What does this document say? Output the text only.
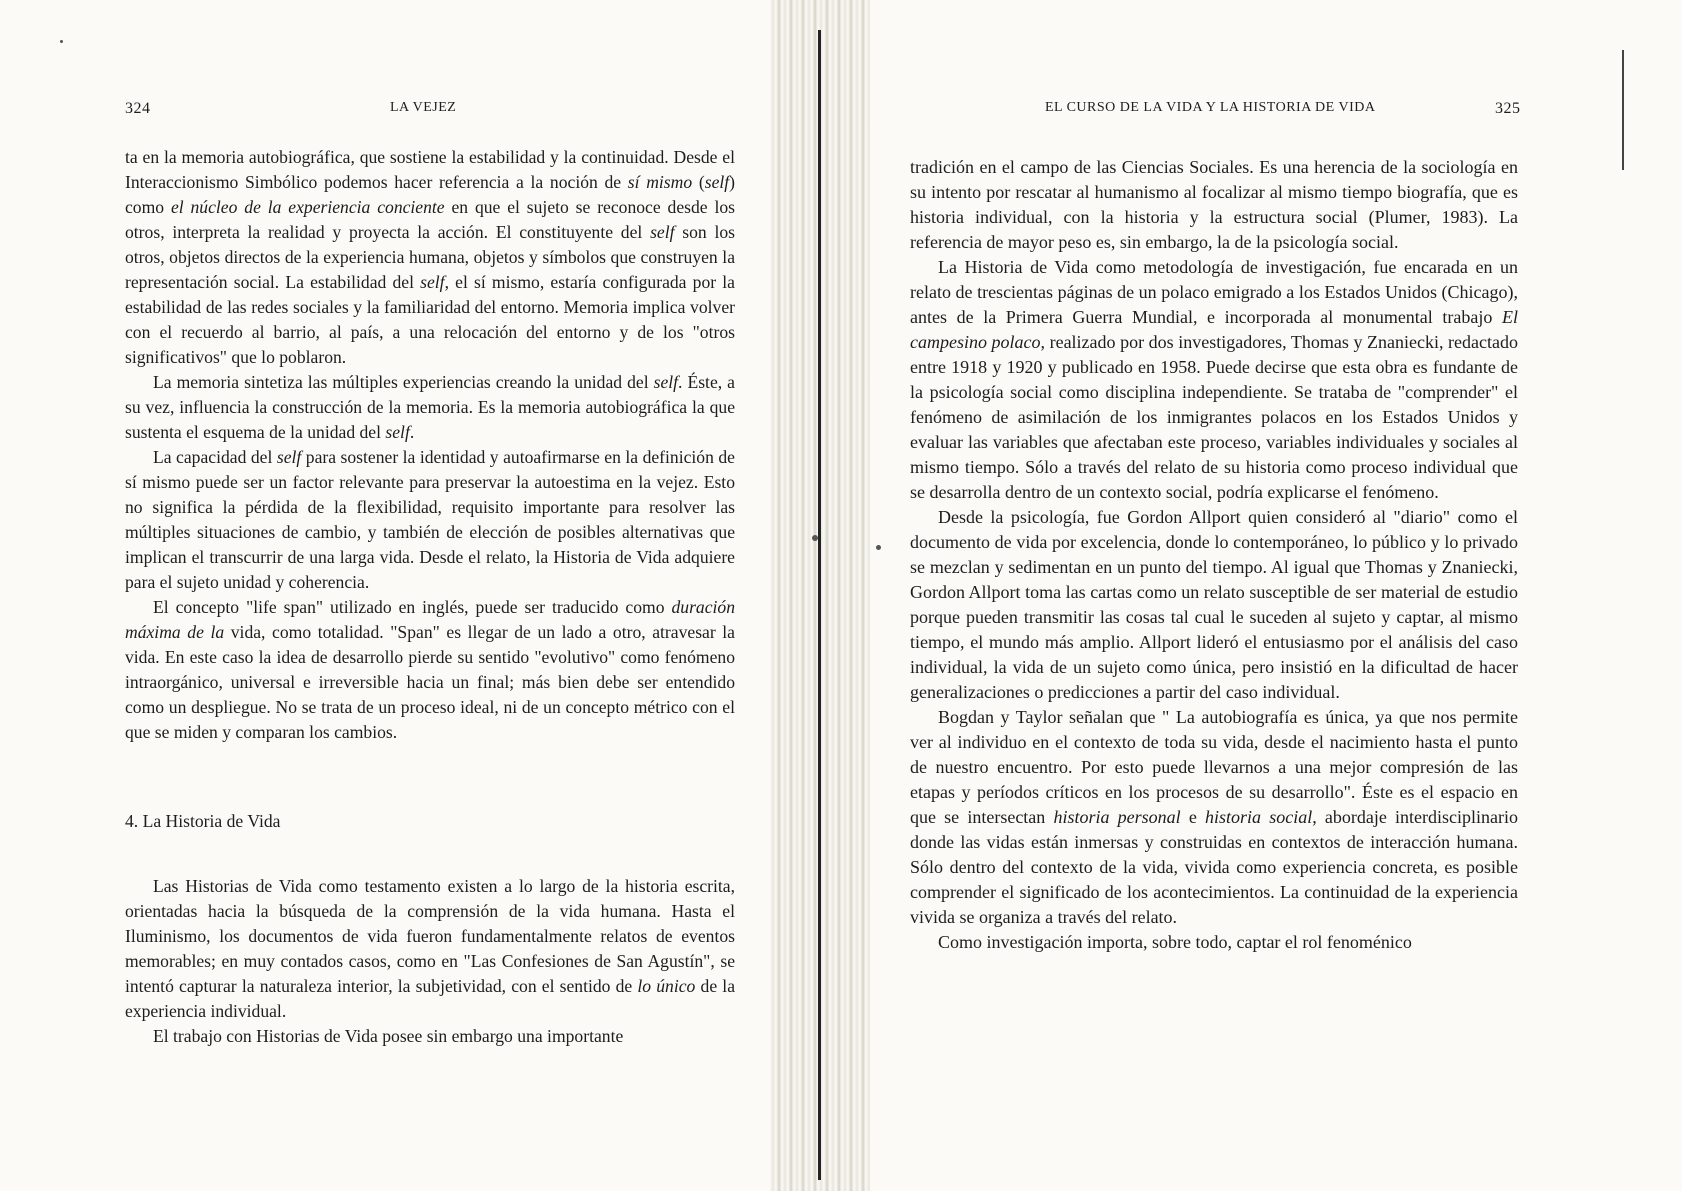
324	LA VEJEZ	EL CURSO DE LA VIDA Y LA HISTORIA DE VIDA	325

ta en la memoria autobiográfica, que sostiene la estabilidad y la continuidad. Desde el Interaccionismo Simbólico podemos hacer referencia a la noción de sí mismo (self) como el núcleo de la experiencia conciente en que el sujeto se reconoce desde los otros, interpreta la realidad y proyecta la acción. El constituyente del self son los otros, objetos directos de la experiencia humana, objetos y símbolos que construyen la representación social. La estabilidad del self, el sí mismo, estaría configurada por la estabilidad de las redes sociales y la familiaridad del entorno. Memoria implica volver con el recuerdo al barrio, al país, a una relocación del entorno y de los "otros significativos" que lo poblaron.

La memoria sintetiza las múltiples experiencias creando la unidad del self. Éste, a su vez, influencia la construcción de la memoria. Es la memoria autobiográfica la que sustenta el esquema de la unidad del self.

La capacidad del self para sostener la identidad y autoafirmarse en la definición de sí mismo puede ser un factor relevante para preservar la autoestima en la vejez. Esto no significa la pérdida de la flexibilidad, requisito importante para resolver las múltiples situaciones de cambio, y también de elección de posibles alternativas que implican el transcurrir de una larga vida. Desde el relato, la Historia de Vida adquiere para el sujeto unidad y coherencia.

El concepto "life span" utilizado en inglés, puede ser traducido como duración máxima de la vida, como totalidad. "Span" es llegar de un lado a otro, atravesar la vida. En este caso la idea de desarrollo pierde su sentido "evolutivo" como fenómeno intraorgánico, universal e irreversible hacia un final; más bien debe ser entendido como un despliegue. No se trata de un proceso ideal, ni de un concepto métrico con el que se miden y comparan los cambios.

4. La Historia de Vida

Las Historias de Vida como testamento existen a lo largo de la historia escrita, orientadas hacia la búsqueda de la comprensión de la vida humana. Hasta el Iluminismo, los documentos de vida fueron fundamentalmente relatos de eventos memorables; en muy contados casos, como en "Las Confesiones de San Agustín", se intentó capturar la naturaleza interior, la subjetividad, con el sentido de lo único de la experiencia individual.

El trabajo con Historias de Vida posee sin embargo una importante

tradición en el campo de las Ciencias Sociales. Es una herencia de la sociología en su intento por rescatar al humanismo al focalizar al mismo tiempo biografía, que es historia individual, con la historia y la estructura social (Plumer, 1983). La referencia de mayor peso es, sin embargo, la de la psicología social.

La Historia de Vida como metodología de investigación, fue encarada en un relato de trescientas páginas de un polaco emigrado a los Estados Unidos (Chicago), antes de la Primera Guerra Mundial, e incorporada al monumental trabajo El campesino polaco, realizado por dos investigadores, Thomas y Znaniecki, redactado entre 1918 y 1920 y publicado en 1958. Puede decirse que esta obra es fundante de la psicología social como disciplina independiente. Se trataba de "comprender" el fenómeno de asimilación de los inmigrantes polacos en los Estados Unidos y evaluar las variables que afectaban este proceso, variables individuales y sociales al mismo tiempo. Sólo a través del relato de su historia como proceso individual que se desarrolla dentro de un contexto social, podría explicarse el fenómeno.

Desde la psicología, fue Gordon Allport quien consideró al "diario" como el documento de vida por excelencia, donde lo contemporáneo, lo público y lo privado se mezclan y sedimentan en un punto del tiempo. Al igual que Thomas y Znaniecki, Gordon Allport toma las cartas como un relato susceptible de ser material de estudio porque pueden transmitir las cosas tal cual le suceden al sujeto y captar, al mismo tiempo, el mundo más amplio. Allport lideró el entusiasmo por el análisis del caso individual, la vida de un sujeto como única, pero insistió en la dificultad de hacer generalizaciones o predicciones a partir del caso individual.

Bogdan y Taylor señalan que " La autobiografía es única, ya que nos permite ver al individuo en el contexto de toda su vida, desde el nacimiento hasta el punto de nuestro encuentro. Por esto puede llevarnos a una mejor compresión de las etapas y períodos críticos en los procesos de su desarrollo". Éste es el espacio en que se intersectan historia personal e historia social, abordaje interdisciplinario donde las vidas están inmersas y construidas en contextos de interacción humana. Sólo dentro del contexto de la vida, vivida como experiencia concreta, es posible comprender el significado de los acontecimientos. La continuidad de la experiencia vivida se organiza a través del relato.

Como investigación importa, sobre todo, captar el rol fenoménico
